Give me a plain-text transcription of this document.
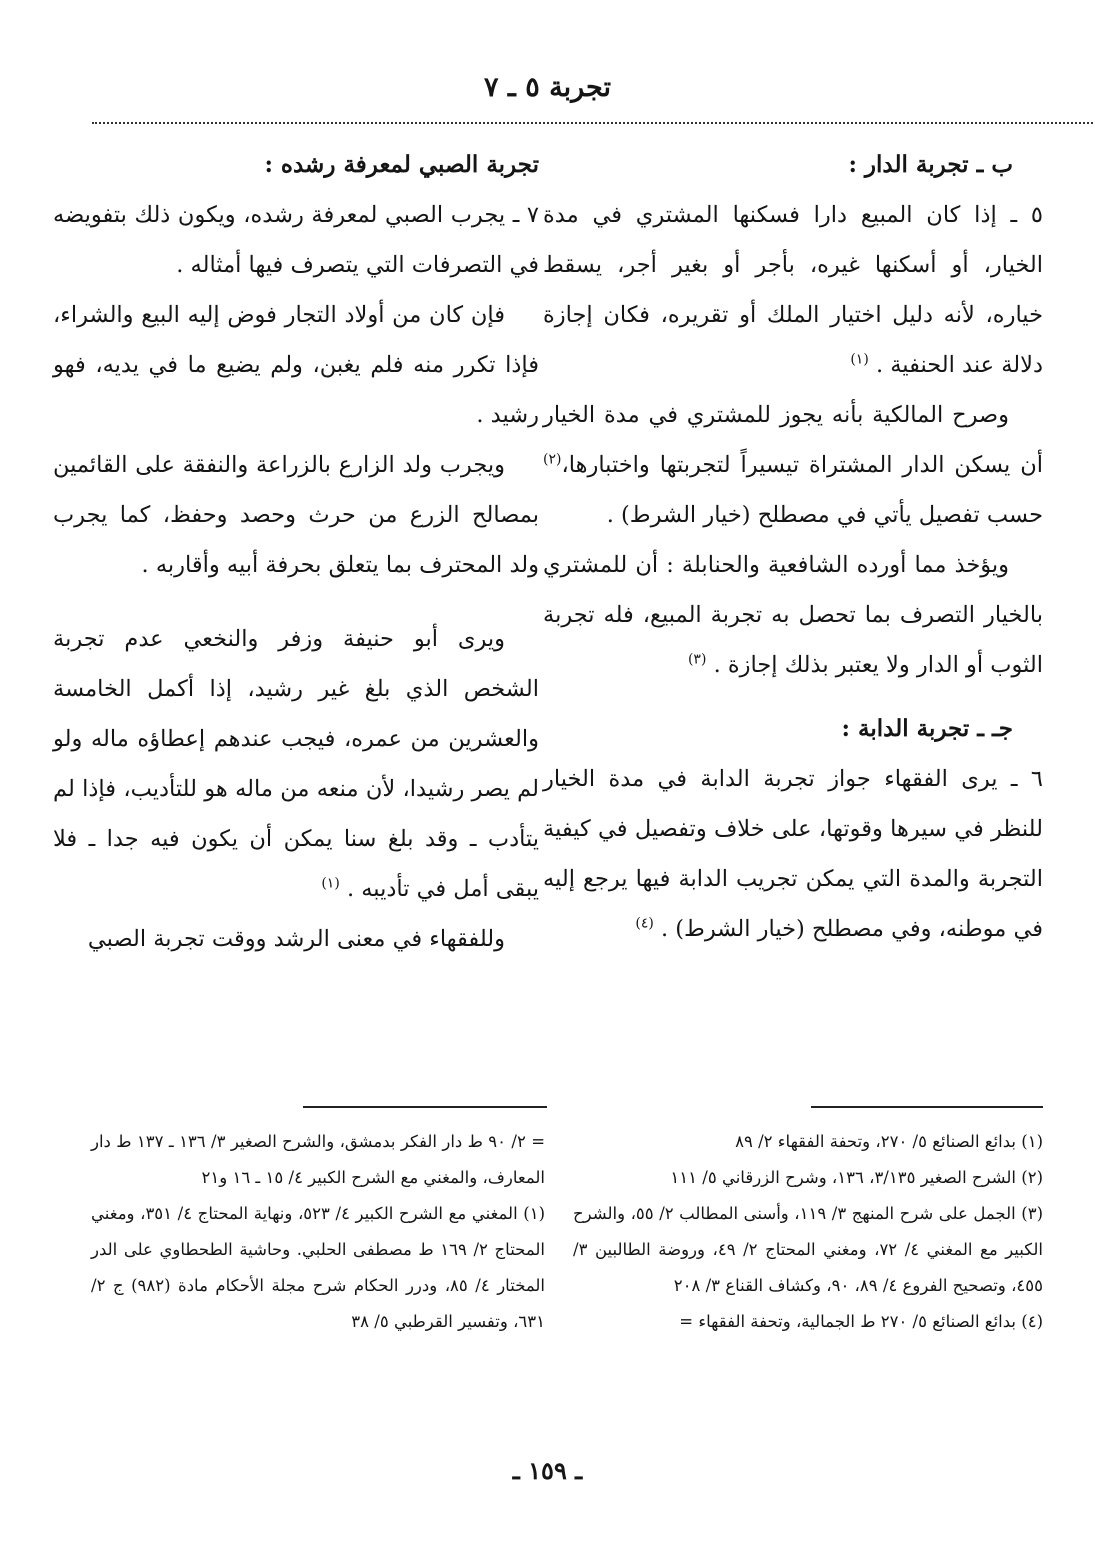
تجربة ٥ ـ ٧
ب ـ تجربة الدار :

٥ ـ إذا كان المبيع دارا فسكنها المشتري في مدة الخيار، أو أسكنها غيره، بأجر أو بغير أجر، يسقط خياره، لأنه دليل اختيار الملك أو تقريره، فكان إجازة دلالة عند الحنفية . $^{(١)}$

وصرح المالكية بأنه يجوز للمشتري في مدة الخيار أن يسكن الدار المشتراة تيسيراً لتجربتها واختبارها،$^{(٢)}$ حسب تفصيل يأتي في مصطلح (خيار الشرط) .

ويؤخذ مما أورده الشافعية والحنابلة : أن للمشتري بالخيار التصرف بما تحصل به تجربة المبيع، فله تجربة الثوب أو الدار ولا يعتبر بذلك إجازة . $^{(٣)}$

جـ ـ تجربة الدابة :

٦ ـ يرى الفقهاء جواز تجربة الدابة في مدة الخيار للنظر في سيرها وقوتها، على خلاف وتفصيل في كيفية التجربة والمدة التي يمكن تجريب الدابة فيها يرجع إليه في موطنه، وفي مصطلح (خيار الشرط) . $^{(٤)}$

تجربة الصبي لمعرفة رشده :

٧ ـ يجرب الصبي لمعرفة رشده، ويكون ذلك بتفويضه في التصرفات التي يتصرف فيها أمثاله .

فإن كان من أولاد التجار فوض إليه البيع والشراء، فإذا تكرر منه فلم يغبن، ولم يضيع ما في يديه، فهو رشيد .

ويجرب ولد الزارع بالزراعة والنفقة على القائمين بمصالح الزرع من حرث وحصد وحفظ، كما يجرب ولد المحترف بما يتعلق بحرفة أبيه وأقاربه .

ويرى أبو حنيفة وزفر والنخعي عدم تجربة الشخص الذي بلغ غير رشيد، إذا أكمل الخامسة والعشرين من عمره، فيجب عندهم إعطاؤه ماله ولو لم يصر رشيدا، لأن منعه من ماله هو للتأديب، فإذا لم يتأدب ـ وقد بلغ سنا يمكن أن يكون فيه جدا ـ فلا يبقى أمل في تأديبه . $^{(١)}$

وللفقهاء في معنى الرشد ووقت تجربة الصبي

(١) بدائع الصنائع ٥/ ٢٧٠، وتحفة الفقهاء ٢/ ٨٩

(٢) الشرح الصغير ٣/١٣٥، ١٣٦، وشرح الزرقاني ٥/ ١١١

(٣) الجمل على شرح المنهج ٣/ ١١٩، وأسنى المطالب ٢/ ٥٥، والشرح الكبير مع المغني ٤/ ٧٢، ومغني المحتاج ٢/ ٤٩، وروضة الطالبين ٣/ ٤٥٥، وتصحيح الفروع ٤/ ٨٩، ٩٠، وكشاف القناع ٣/ ٢٠٨

(٤) بدائع الصنائع ٥/ ٢٧٠ ط الجمالية، وتحفة الفقهاء =

= ٢/ ٩٠ ط دار الفكر بدمشق، والشرح الصغير ٣/ ١٣٦ ـ ١٣٧ ط دار المعارف، والمغني مع الشرح الكبير ٤/ ١٥ ـ ١٦ و٢١

(١) المغني مع الشرح الكبير ٤/ ٥٢٣، ونهاية المحتاج ٤/ ٣٥١، ومغني المحتاج ٢/ ١٦٩ ط مصطفى الحلبي. وحاشية الطحطاوي على الدر المختار ٤/ ٨٥، ودرر الحكام شرح مجلة الأحكام مادة (٩٨٢) ج ٢/ ٦٣١، وتفسير القرطبي ٥/ ٣٨

ـ ١٥٩ ـ
